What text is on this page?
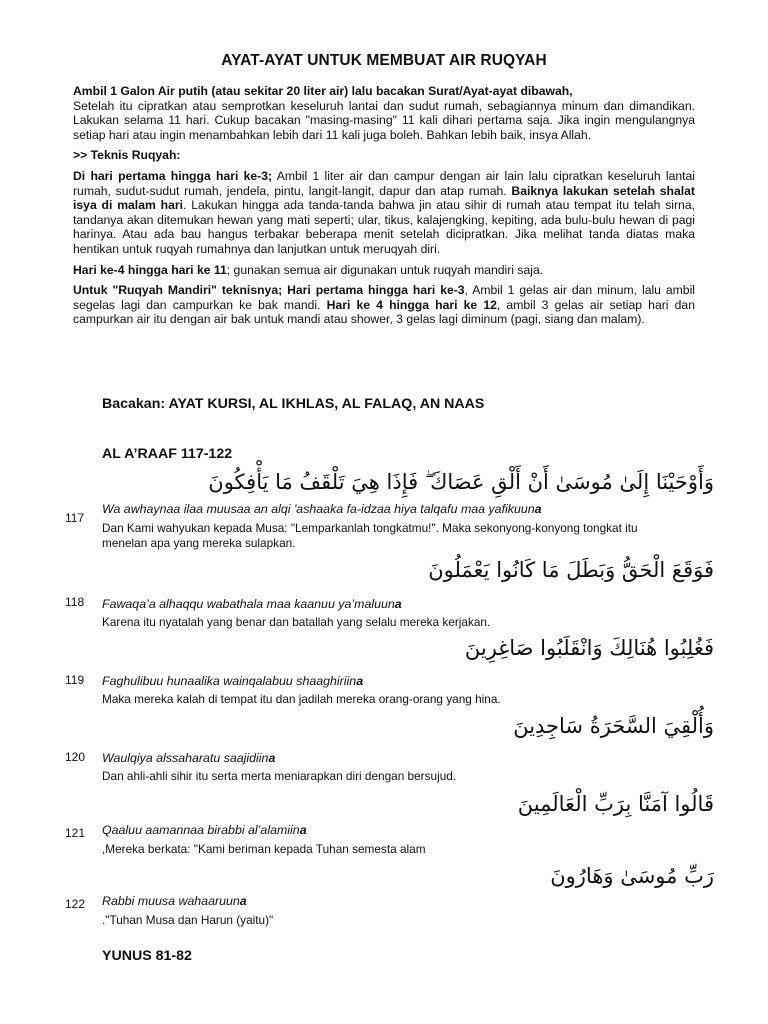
AYAT-AYAT UNTUK MEMBUAT AIR RUQYAH

Ambil 1 Galon Air putih (atau sekitar 20 liter air) lalu bacakan Surat/Ayat-ayat dibawah,
Setelah itu cipratkan atau semprotkan keseluruh lantai dan sudut rumah, sebagiannya minum dan dimandikan. Lakukan selama 11 hari. Cukup bacakan "masing-masing" 11 kali dihari pertama saja. Jika ingin mengulangnya setiap hari atau ingin menambahkan lebih dari 11 kali juga boleh. Bahkan lebih baik, insya Allah.

>> Teknis Ruqyah:

Di hari pertama hingga hari ke-3; Ambil 1 liter air dan campur dengan air lain lalu cipratkan keseluruh lantai rumah, sudut-sudut rumah, jendela, pintu, langit-langit, dapur dan atap rumah. Baiknya lakukan setelah shalat isya di malam hari. Lakukan hingga ada tanda-tanda bahwa jin atau sihir di rumah atau tempat itu telah sirna, tandanya akan ditemukan hewan yang mati seperti; ular, tikus, kalajengking, kepiting, ada bulu-bulu hewan di pagi harinya. Atau ada bau hangus terbakar beberapa menit setelah dicipratkan. Jika melihat tanda diatas maka hentikan untuk ruqyah rumahnya dan lanjutkan untuk meruqyah diri.

Hari ke-4 hingga hari ke 11; gunakan semua air digunakan untuk ruqyah mandiri saja.

Untuk "Ruqyah Mandiri" teknisnya; Hari pertama hingga hari ke-3, Ambil 1 gelas air dan minum, lalu ambil segelas lagi dan campurkan ke bak mandi. Hari ke 4 hingga hari ke 12, ambil 3 gelas air setiap hari dan campurkan air itu dengan air bak untuk mandi atau shower, 3 gelas lagi diminum (pagi, siang dan malam).

Bacakan: AYAT KURSI, AL IKHLAS, AL FALAQ, AN NAAS
AL A’RAAF 117-122
وَأَوْحَيْنَا إِلَىٰ مُوسَىٰ أَنْ أَلْقِ عَصَاكَ ۖ فَإِذَا هِيَ تَلْقَفُ مَا يَأْفِكُونَ
117
Wa awhaynaa ilaa muusaa an alqi 'ashaaka fa-idzaa hiya talqafu maa yafikuuna
Dan Kami wahyukan kepada Musa: "Lemparkanlah tongkatmu!". Maka sekonyong-konyong tongkat itu menelan apa yang mereka sulapkan.
فَوَقَعَ الْحَقُّ وَبَطَلَ مَا كَانُوا يَعْمَلُونَ
118 Fawaqa’a alhaqqu wabathala maa kaanuu ya’maluuna
Karena itu nyatalah yang benar dan batallah yang selalu mereka kerjakan.
فَغُلِبُوا هُنَالِكَ وَانْقَلَبُوا صَاغِرِينَ
119 Faghulibuu hunaalika wainqalabuu shaaghiriina
Maka mereka kalah di tempat itu dan jadilah mereka orang-orang yang hina.
وَأُلْقِيَ السَّحَرَةُ سَاجِدِينَ
120 Waulqiya alssaharatu saajidiina
Dan ahli-ahli sihir itu serta merta meniarapkan diri dengan bersujud.
قَالُوا آمَنَّا بِرَبِّ الْعَالَمِينَ
121 Qaaluu aamannaa birabbi al’alamiina
,Mereka berkata: "Kami beriman kepada Tuhan semesta alam
رَبِّ مُوسَىٰ وَهَارُونَ
122 Rabbi muusa wahaaruuna
."Tuhan Musa dan Harun (yaitu)"
YUNUS 81-82
